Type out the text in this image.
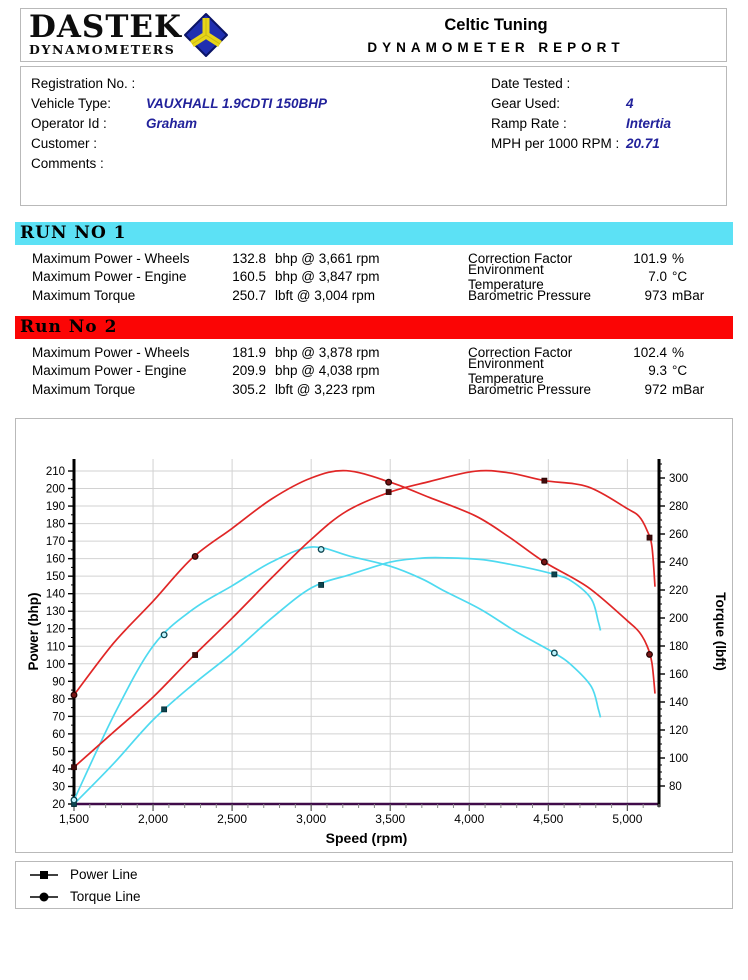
DASTEK
DYNAMOMETERS
Celtic Tuning
DYNAMOMETER REPORT
Registration No. :
Vehicle Type:	VAUXHALL 1.9CDTI 150BHP
Operator Id :	Graham
Customer :
Comments :
Date Tested :
Gear Used:	4
Ramp Rate :	Intertia
MPH per 1000 RPM : 20.71
RUN NO 1
Maximum Power - Wheels	132.8 bhp @ 3,661 rpm
Maximum Power - Engine	160.5 bhp @ 3,847 rpm
Maximum Torque	250.7 lbft @ 3,004 rpm
Correction Factor	101.9 %
Environment Temperature	7.0 °C
Barometric Pressure	973 mBar
Run No 2
Maximum Power - Wheels	181.9 bhp @ 3,878 rpm
Maximum Power - Engine	209.9 bhp @ 4,038 rpm
Maximum Torque	305.2 lbft @ 3,223 rpm
Correction Factor	102.4 %
Environment Temperature	9.3 °C
Barometric Pressure	972 mBar
20
30
40
50
60
70
80
90
100
110
120
130
140
150
160
170
180
190
200
210
80
100
120
140
160
180
200
220
240
260
280
300
1,500	2,000	2,500	3,000	3,500	4,000	4,500	5,000
Power (bhp)	Torque (lbft)
Speed (rpm)
Power Line
Torque Line
